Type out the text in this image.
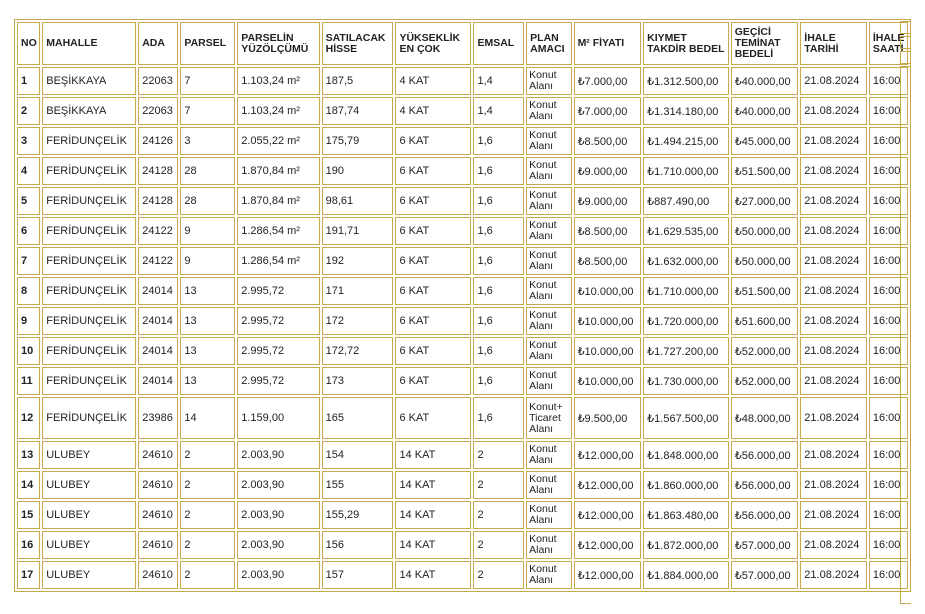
NO	MAHALLE	ADA	PARSEL	PARSELİN YÜZÖLÇÜMÜ	SATILACAK HİSSE	YÜKSEKLİK EN ÇOK	EMSAL	PLAN AMACI	M² FİYATI	KIYMET TAKDİR BEDEL	GEÇİCİ TEMİNAT BEDELİ	İHALE TARİHİ	İHALE SAATİ
1	BEŞİKKAYA	22063	7	1.103,24 m²	187,5	4 KAT	1,4	Konut Alanı	₺7.000,00	₺1.312.500,00	₺40.000,00	21.08.2024	16:00
2	BEŞİKKAYA	22063	7	1.103,24 m²	187,74	4 KAT	1,4	Konut Alanı	₺7.000,00	₺1.314.180,00	₺40.000,00	21.08.2024	16:00
3	FERİDUNÇELİK	24126	3	2.055,22 m²	175,79	6 KAT	1,6	Konut Alanı	₺8.500,00	₺1.494.215,00	₺45.000,00	21.08.2024	16:00
4	FERİDUNÇELİK	24128	28	1.870,84 m²	190	6 KAT	1,6	Konut Alanı	₺9.000,00	₺1.710.000,00	₺51.500,00	21.08.2024	16:00
5	FERİDUNÇELİK	24128	28	1.870,84 m²	98,61	6 KAT	1,6	Konut Alanı	₺9.000,00	₺887.490,00	₺27.000,00	21.08.2024	16:00
6	FERİDUNÇELİK	24122	9	1.286,54 m²	191,71	6 KAT	1,6	Konut Alanı	₺8.500,00	₺1.629.535,00	₺50.000,00	21.08.2024	16:00
7	FERİDUNÇELİK	24122	9	1.286,54 m²	192	6 KAT	1,6	Konut Alanı	₺8.500,00	₺1.632.000,00	₺50.000,00	21.08.2024	16:00
8	FERİDUNÇELİK	24014	13	2.995,72	171	6 KAT	1,6	Konut Alanı	₺10.000,00	₺1.710.000,00	₺51.500,00	21.08.2024	16:00
9	FERİDUNÇELİK	24014	13	2.995,72	172	6 KAT	1,6	Konut Alanı	₺10.000,00	₺1.720.000,00	₺51.600,00	21.08.2024	16:00
10	FERİDUNÇELİK	24014	13	2.995,72	172,72	6 KAT	1,6	Konut Alanı	₺10.000,00	₺1.727.200,00	₺52.000,00	21.08.2024	16:00
11	FERİDUNÇELİK	24014	13	2.995,72	173	6 KAT	1,6	Konut Alanı	₺10.000,00	₺1.730.000,00	₺52.000,00	21.08.2024	16:00
12	FERİDUNÇELİK	23986	14	1.159,00	165	6 KAT	1,6	Konut+ Ticaret Alanı	₺9.500,00	₺1.567.500,00	₺48.000,00	21.08.2024	16:00
13	ULUBEY	24610	2	2.003,90	154	14 KAT	2	Konut Alanı	₺12.000,00	₺1.848.000,00	₺56.000,00	21.08.2024	16:00
14	ULUBEY	24610	2	2.003,90	155	14 KAT	2	Konut Alanı	₺12.000,00	₺1.860.000,00	₺56.000,00	21.08.2024	16:00
15	ULUBEY	24610	2	2.003,90	155,29	14 KAT	2	Konut Alanı	₺12.000,00	₺1.863.480,00	₺56.000,00	21.08.2024	16:00
16	ULUBEY	24610	2	2.003,90	156	14 KAT	2	Konut Alanı	₺12.000,00	₺1.872.000,00	₺57.000,00	21.08.2024	16:00
17	ULUBEY	24610	2	2.003,90	157	14 KAT	2	Konut Alanı	₺12.000,00	₺1.884.000,00	₺57.000,00	21.08.2024	16:00
